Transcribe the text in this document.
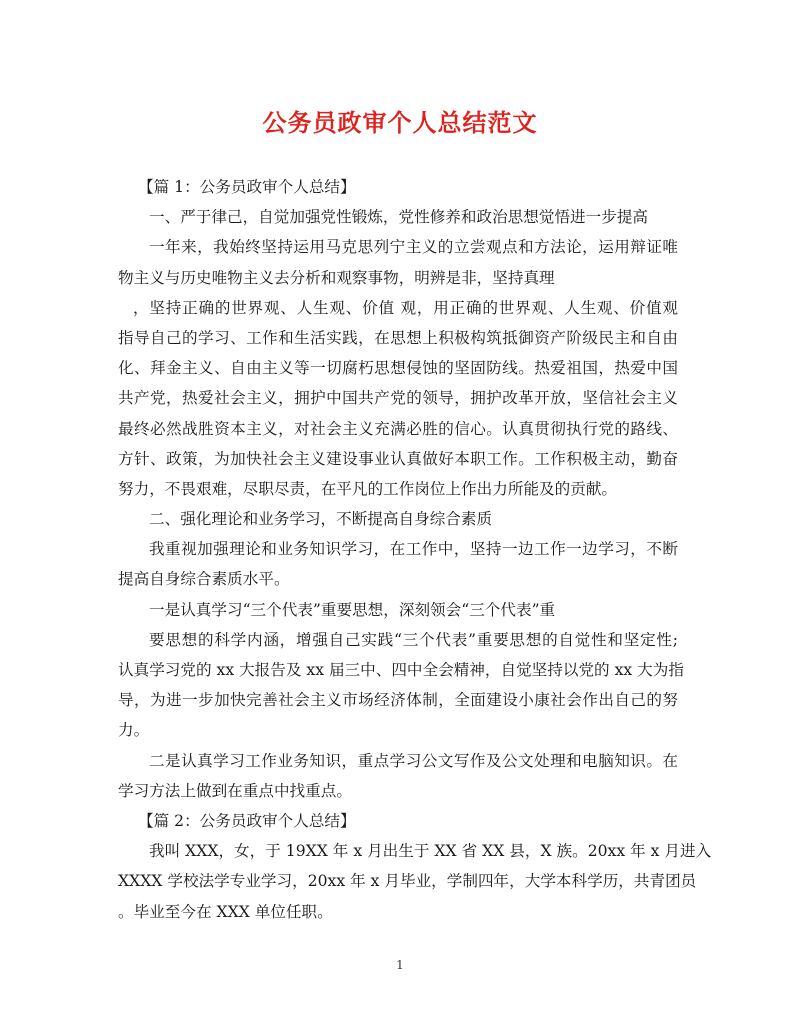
公务员政审个人总结范文
【篇 1：公务员政审个人总结】
一、严于律己，自觉加强党性锻炼，党性修养和政治思想觉悟进一步提高
一年来，我始终坚持运用马克思列宁主义的立尝观点和方法论，运用辩证唯
物主义与历史唯物主义去分析和观察事物，明辨是非，坚持真理
，坚持正确的世界观、人生观、价值 观，用正确的世界观、人生观、价值观
指导自己的学习、工作和生活实践，在思想上积极构筑抵御资产阶级民主和自由
化、拜金主义、自由主义等一切腐朽思想侵蚀的坚固防线。热爱祖国，热爱中国
共产党，热爱社会主义，拥护中国共产党的领导，拥护改革开放，坚信社会主义
最终必然战胜资本主义，对社会主义充满必胜的信心。认真贯彻执行党的路线、
方针、政策，为加快社会主义建设事业认真做好本职工作。工作积极主动，勤奋
努力，不畏艰难，尽职尽责，在平凡的工作岗位上作出力所能及的贡献。
二、强化理论和业务学习，不断提高自身综合素质
我重视加强理论和业务知识学习，在工作中，坚持一边工作一边学习，不断
提高自身综合素质水平。
一是认真学习“三个代表”重要思想，深刻领会“三个代表”重
要思想的科学内涵，增强自己实践“三个代表”重要思想的自觉性和坚定性;
认真学习党的 xx 大报告及 xx 届三中、四中全会精神，自觉坚持以党的 xx 大为指
导，为进一步加快完善社会主义市场经济体制，全面建设小康社会作出自己的努
力。
二是认真学习工作业务知识，重点学习公文写作及公文处理和电脑知识。在
学习方法上做到在重点中找重点。
【篇 2：公务员政审个人总结】
我叫 XXX，女，于 19XX 年 x 月出生于 XX 省 XX 县，X 族。20xx 年 x 月进入
XXXX 学校法学专业学习，20xx 年 x 月毕业，学制四年，大学本科学历，共青团员
。毕业至今在 XXX 单位任职。
1
